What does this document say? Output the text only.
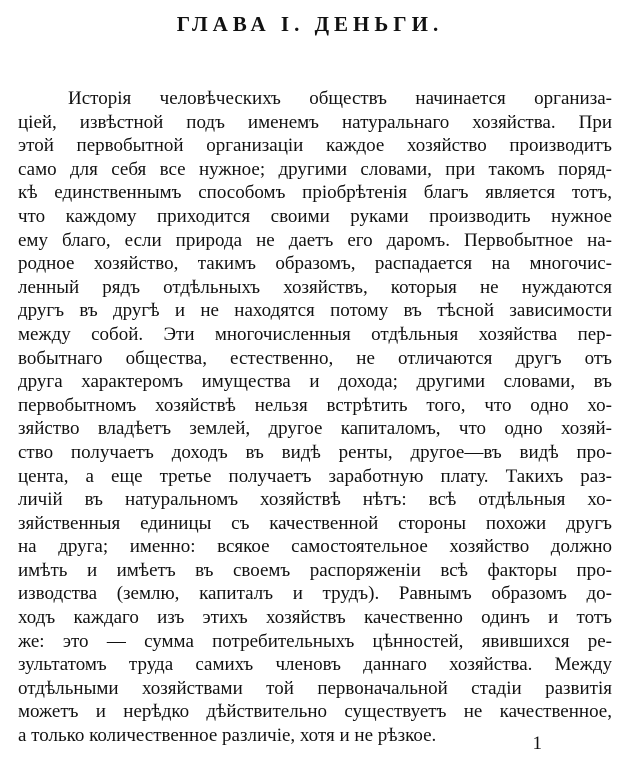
ГЛАВА I. ДЕНЬГИ.
Исторія человѣческихъ обществъ начинается организа-
ціей, извѣстной подъ именемъ натуральнаго хозяйства. При
этой первобытной организаціи каждое хозяйство производитъ
само для себя все нужное; другими словами, при такомъ поряд-
кѣ единственнымъ способомъ пріобрѣтенія благъ является тотъ,
что каждому приходится своими руками производить нужное
ему благо, если природа не даетъ его даромъ. Первобытное на-
родное хозяйство, такимъ образомъ, распадается на многочис-
ленный рядъ отдѣльныхъ хозяйствъ, которыя не нуждаются
другъ въ другѣ и не находятся потому въ тѣсной зависимости
между собой. Эти многочисленныя отдѣльныя хозяйства пер-
вобытнаго общества, естественно, не отличаются другъ отъ
друга характеромъ имущества и дохода; другими словами, въ
первобытномъ хозяйствѣ нельзя встрѣтить того, что одно хо-
зяйство владѣетъ землей, другое капиталомъ, что одно хозяй-
ство получаетъ доходъ въ видѣ ренты, другое—въ видѣ про-
цента, а еще третье получаетъ заработную плату. Такихъ раз-
личій въ натуральномъ хозяйствѣ нѣтъ: всѣ отдѣльныя хо-
зяйственныя единицы съ качественной стороны похожи другъ
на друга; именно: всякое самостоятельное хозяйство должно
имѣть и имѣетъ въ своемъ распоряженіи всѣ факторы про-
изводства (землю, капиталъ и трудъ). Равнымъ образомъ до-
ходъ каждаго изъ этихъ хозяйствъ качественно одинъ и тотъ
же: это — сумма потребительныхъ цѣнностей, явившихся ре-
зультатомъ труда самихъ членовъ даннаго хозяйства. Между
отдѣльными хозяйствами той первоначальной стадіи развитія
можетъ и нерѣдко дѣйствительно существуетъ не качественное,
а только количественное различіе, хотя и не рѣзкое.	1
